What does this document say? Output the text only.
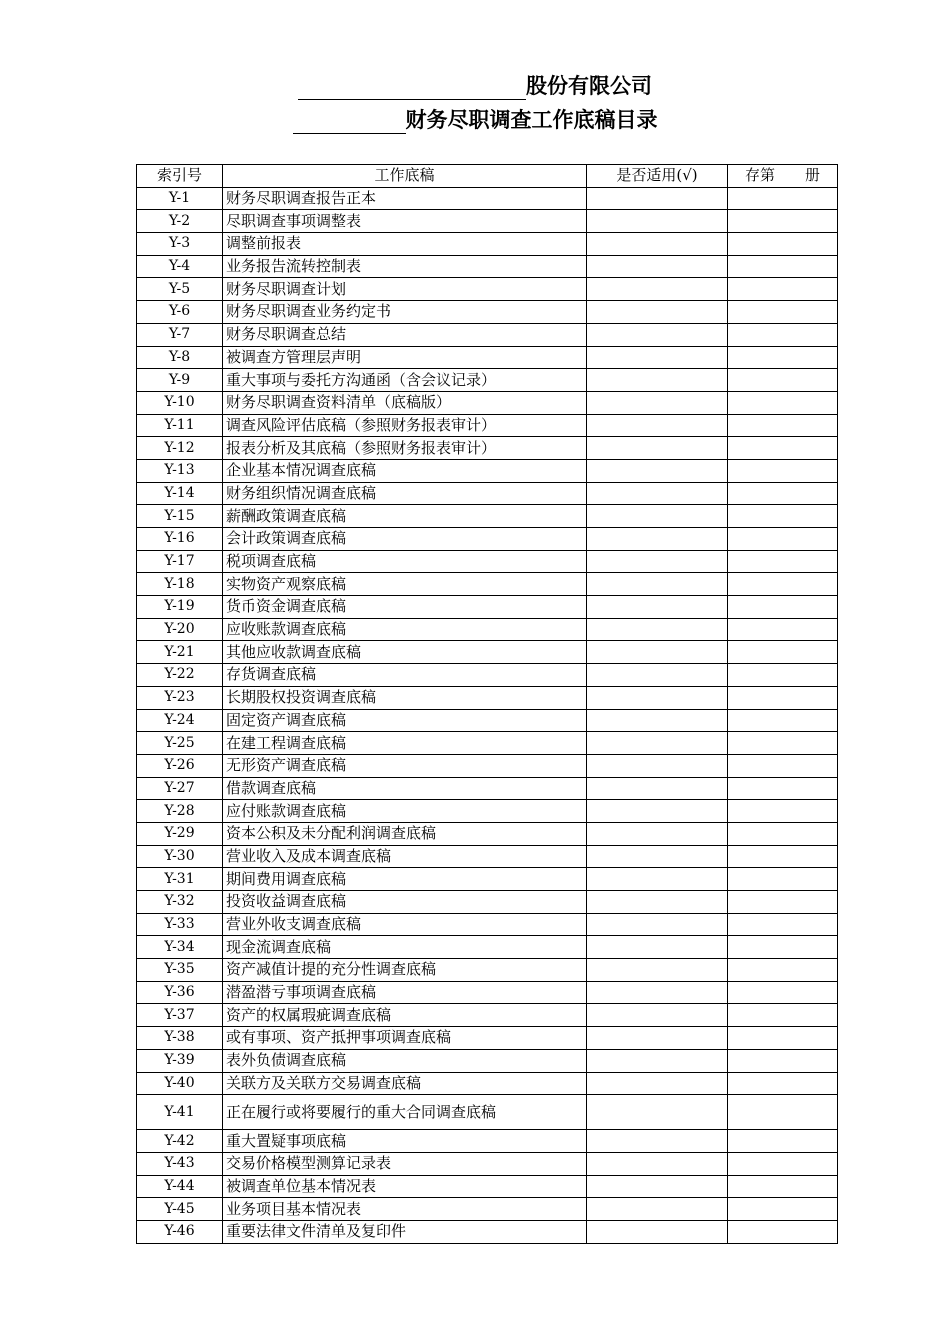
股份有限公司
财务尽职调查工作底稿目录
索引号	工作底稿	是否适用(√)	存第　　册
Y-1	财务尽职调查报告正本		
Y-2	尽职调查事项调整表		
Y-3	调整前报表		
Y-4	业务报告流转控制表		
Y-5	财务尽职调查计划		
Y-6	财务尽职调查业务约定书		
Y-7	财务尽职调查总结		
Y-8	被调查方管理层声明		
Y-9	重大事项与委托方沟通函（含会议记录）		
Y-10	财务尽职调查资料清单（底稿版）		
Y-11	调查风险评估底稿（参照财务报表审计）		
Y-12	报表分析及其底稿（参照财务报表审计）		
Y-13	企业基本情况调查底稿		
Y-14	财务组织情况调查底稿		
Y-15	薪酬政策调查底稿		
Y-16	会计政策调查底稿		
Y-17	税项调查底稿		
Y-18	实物资产观察底稿		
Y-19	货币资金调查底稿		
Y-20	应收账款调查底稿		
Y-21	其他应收款调查底稿		
Y-22	存货调查底稿		
Y-23	长期股权投资调查底稿		
Y-24	固定资产调查底稿		
Y-25	在建工程调查底稿		
Y-26	无形资产调查底稿		
Y-27	借款调查底稿		
Y-28	应付账款调查底稿		
Y-29	资本公积及未分配利润调查底稿		
Y-30	营业收入及成本调查底稿		
Y-31	期间费用调查底稿		
Y-32	投资收益调查底稿		
Y-33	营业外收支调查底稿		
Y-34	现金流调查底稿		
Y-35	资产减值计提的充分性调查底稿		
Y-36	潜盈潜亏事项调查底稿		
Y-37	资产的权属瑕疵调查底稿		
Y-38	或有事项、资产抵押事项调查底稿		
Y-39	表外负债调查底稿		
Y-40	关联方及关联方交易调查底稿		
Y-41	正在履行或将要履行的重大合同调查底稿		
Y-42	重大置疑事项底稿		
Y-43	交易价格模型测算记录表		
Y-44	被调查单位基本情况表		
Y-45	业务项目基本情况表		
Y-46	重要法律文件清单及复印件		
